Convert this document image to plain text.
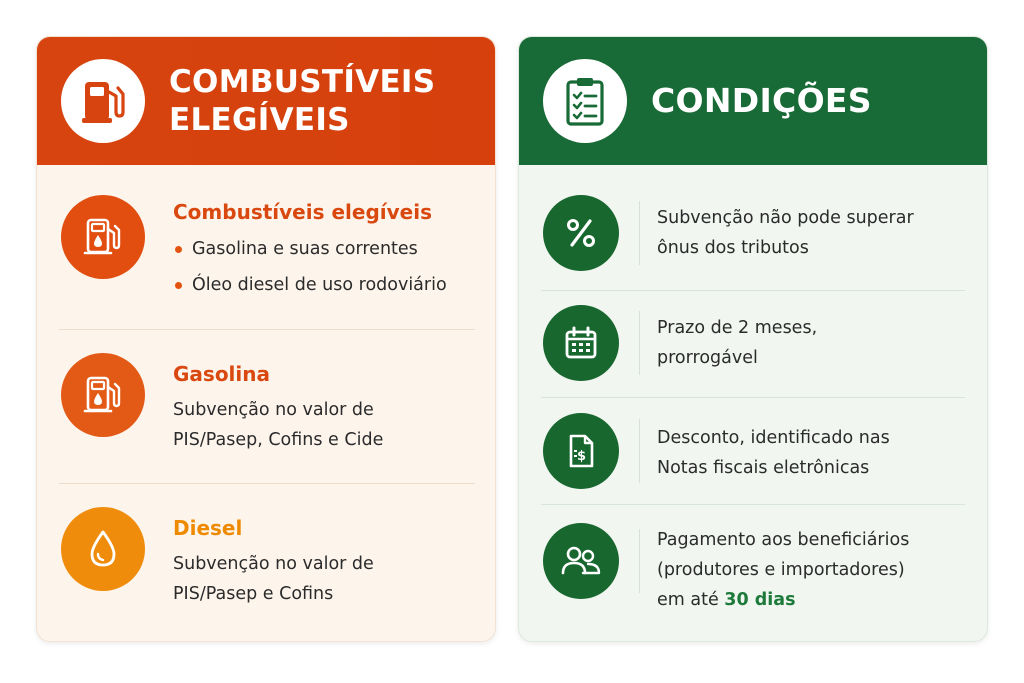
COMBUSTÍVEIS
ELEGÍVEIS
Combustíveis elegíveis
Gasolina e suas correntes
Óleo diesel de uso rodoviário
Gasolina
Subvenção no valor de
PIS/Pasep, Cofins e Cide
Diesel
Subvenção no valor de
PIS/Pasep e Cofins
CONDIÇÕES
Subvenção não pode superar
ônus dos tributos
Prazo de 2 meses,
prorrogável
$
Desconto, identificado nas
Notas fiscais eletrônicas
Pagamento aos beneficiários
(produtores e importadores)
em até 30 dias
